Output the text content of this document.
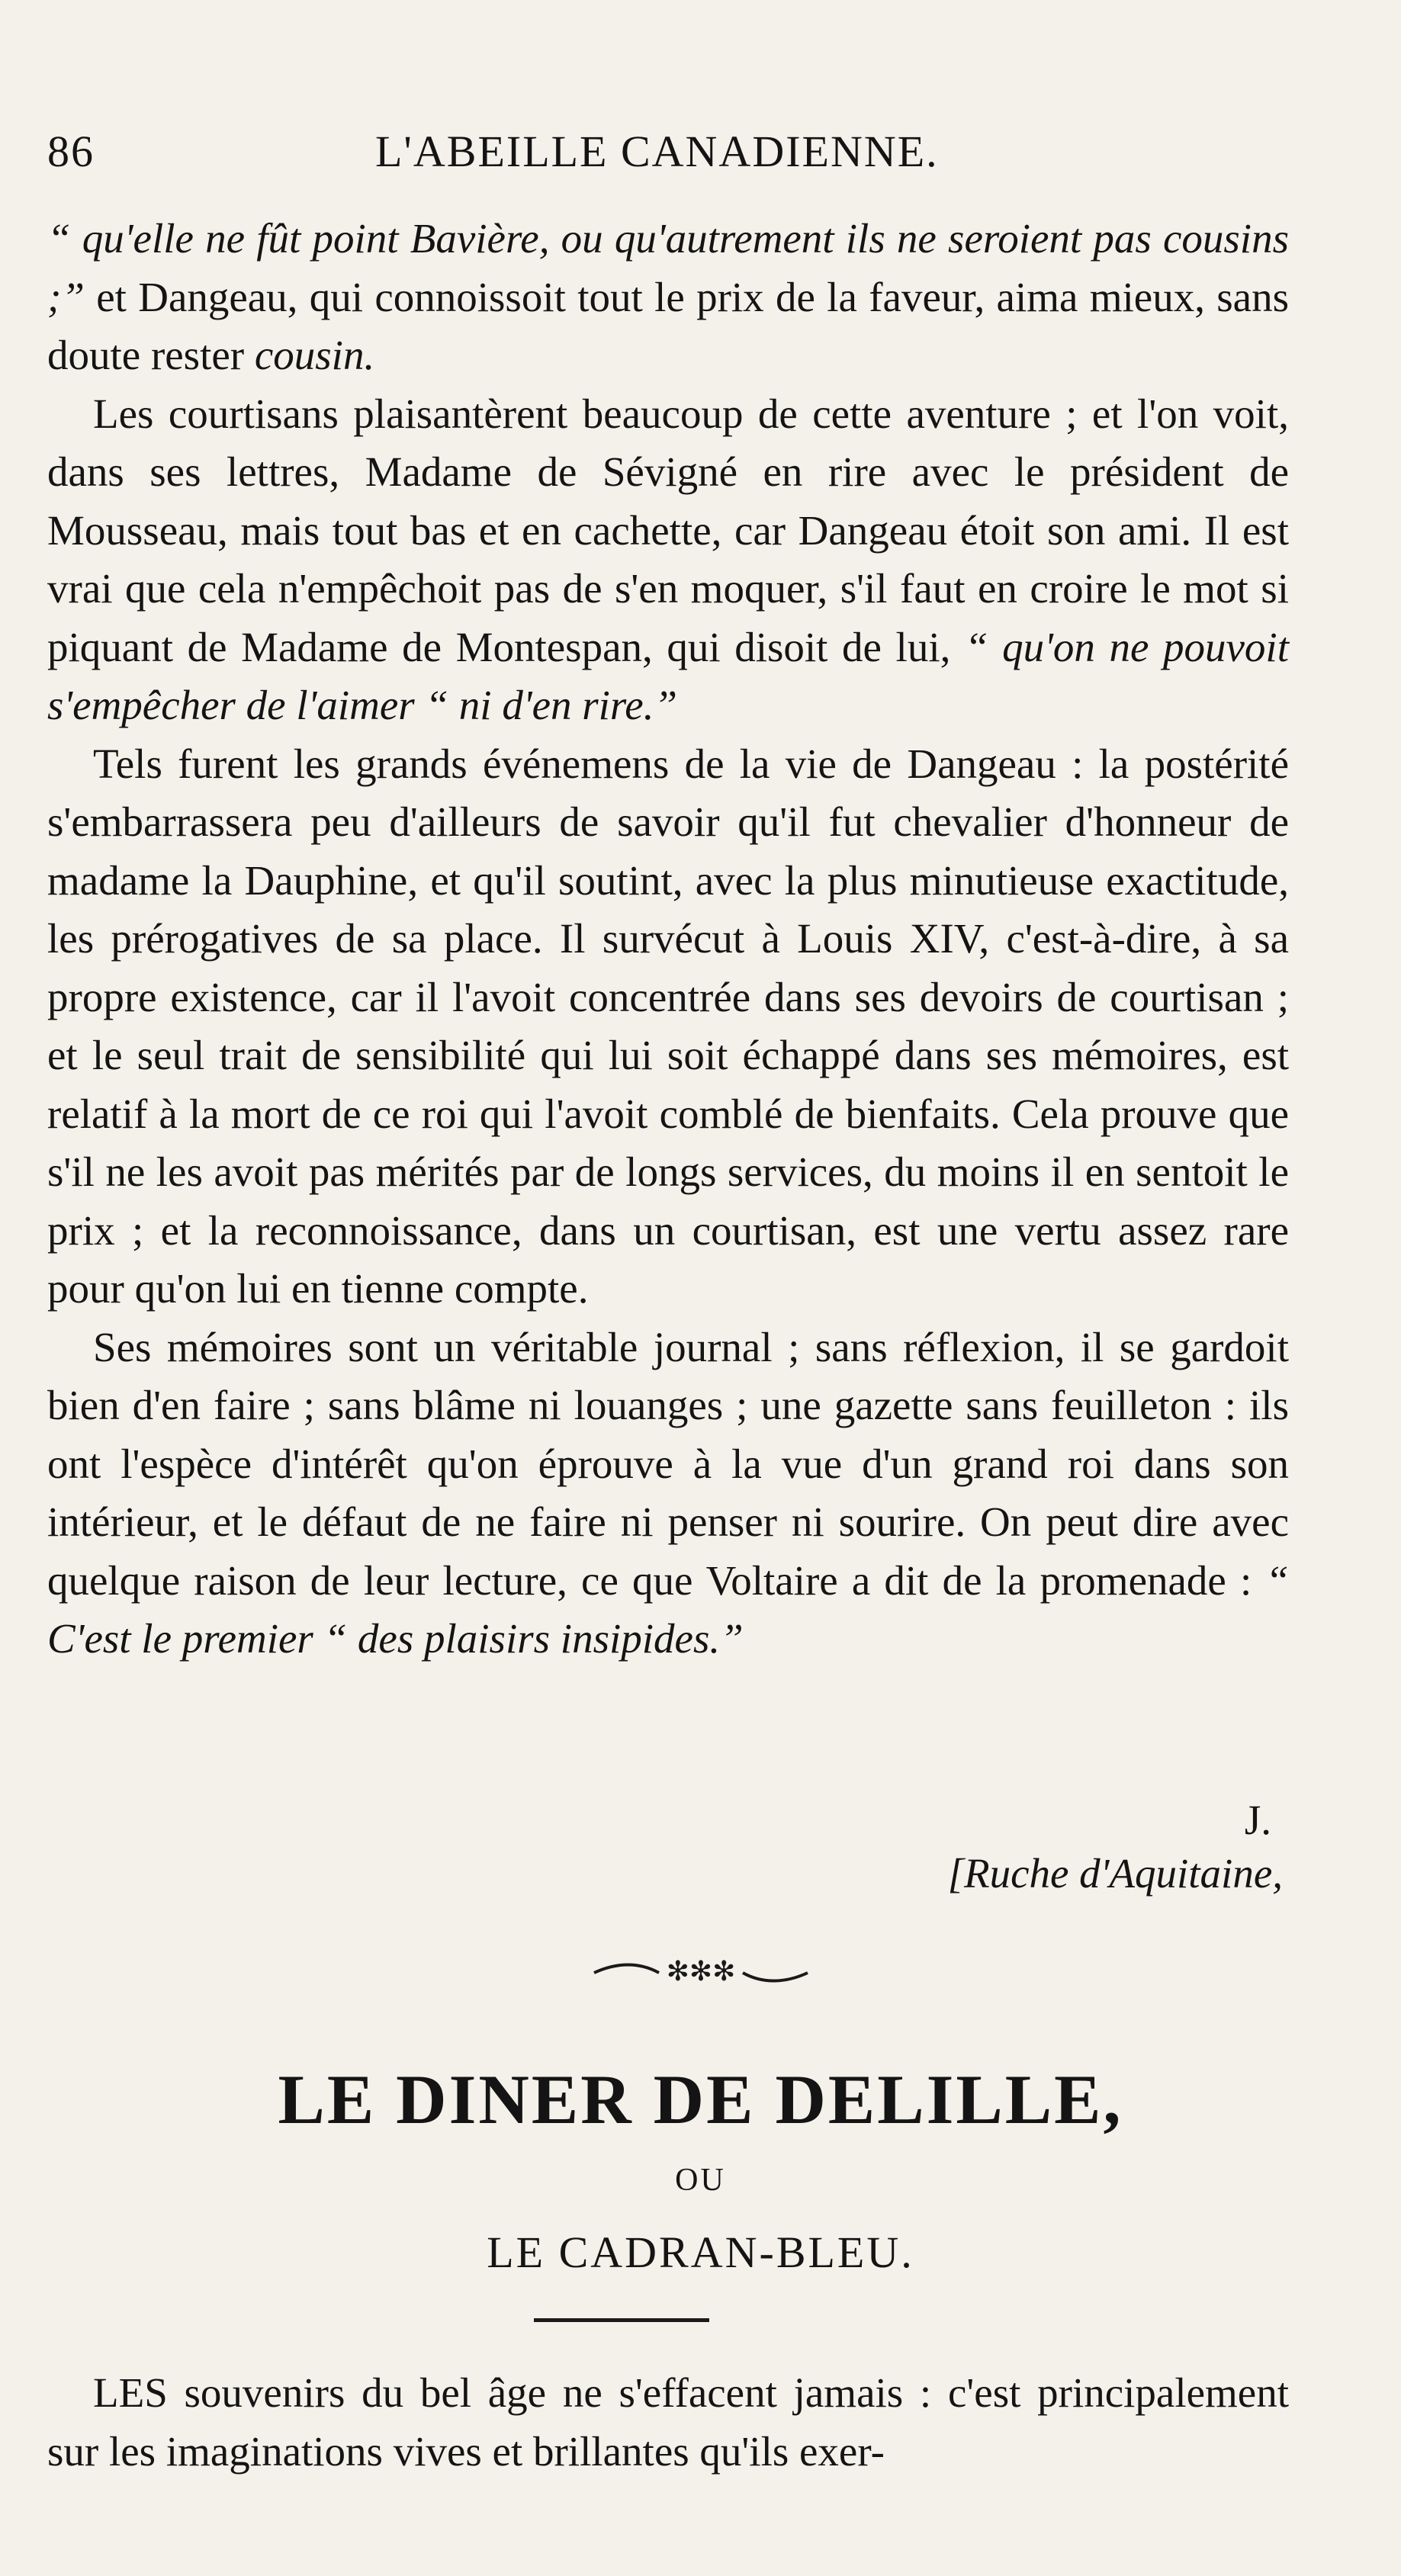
86	L'ABEILLE CANADIENNE.

“ qu'elle ne fût point Bavière, ou qu'autrement ils ne seroient pas cousins ;” et Dangeau, qui connoissoit tout le prix de la faveur, aima mieux, sans doute rester cousin.

Les courtisans plaisantèrent beaucoup de cette aventure ; et l'on voit, dans ses lettres, Madame de Sévigné en rire avec le président de Mousseau, mais tout bas et en cachette, car Dangeau étoit son ami. Il est vrai que cela n'empêchoit pas de s'en moquer, s'il faut en croire le mot si piquant de Madame de Montespan, qui disoit de lui, “ qu'on ne pouvoit s'empêcher de l'aimer “ ni d'en rire.”

Tels furent les grands événemens de la vie de Dangeau : la postérité s'embarrassera peu d'ailleurs de savoir qu'il fut chevalier d'honneur de madame la Dauphine, et qu'il soutint, avec la plus minutieuse exactitude, les prérogatives de sa place. Il survécut à Louis XIV, c'est-à-dire, à sa propre existence, car il l'avoit concentrée dans ses devoirs de courtisan ; et le seul trait de sensibilité qui lui soit échappé dans ses mémoires, est relatif à la mort de ce roi qui l'avoit comblé de bienfaits. Cela prouve que s'il ne les avoit pas mérités par de longs services, du moins il en sentoit le prix ; et la reconnoissance, dans un courtisan, est une vertu assez rare pour qu'on lui en tienne compte.

Ses mémoires sont un véritable journal ; sans réflexion, il se gardoit bien d'en faire ; sans blâme ni louanges ; une gazette sans feuilleton : ils ont l'espèce d'intérêt qu'on éprouve à la vue d'un grand roi dans son intérieur, et le défaut de ne faire ni penser ni sourire. On peut dire avec quelque raison de leur lecture, ce que Voltaire a dit de la promenade : “ C'est le premier “ des plaisirs insipides.”

J.
[Ruche d'Aquitaine,
✻✻✻
LE DINER DE DELILLE,
OU
LE CADRAN-BLEU.

LES souvenirs du bel âge ne s'effacent jamais : c'est principalement sur les imaginations vives et brillantes qu'ils exer-
